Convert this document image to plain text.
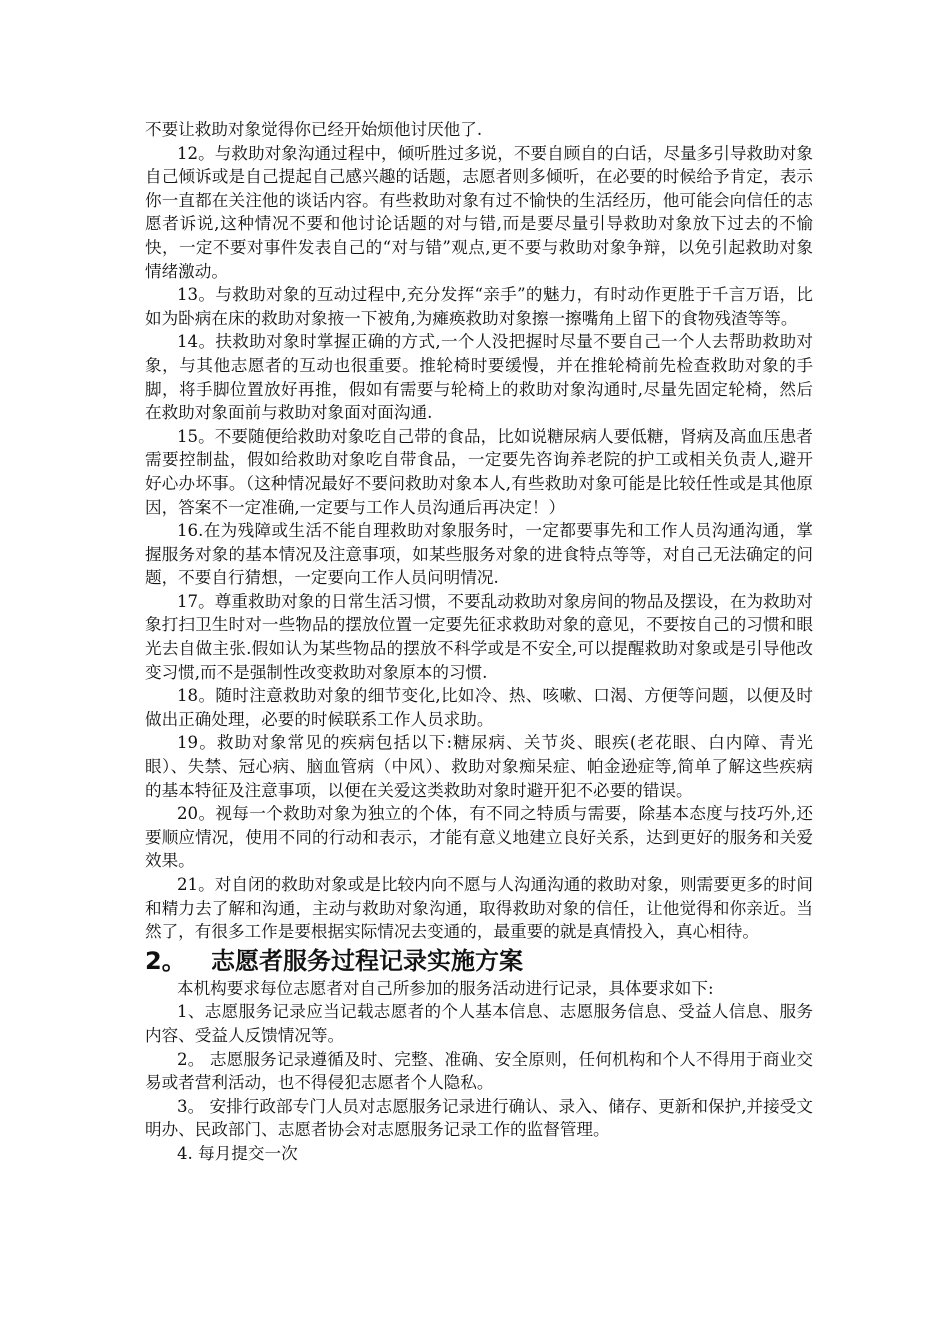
不要让救助对象觉得你已经开始烦他讨厌他了.

12。与救助对象沟通过程中，倾听胜过多说，不要自顾自的白话，尽量多引导救助对象自己倾诉或是自己提起自己感兴趣的话题，志愿者则多倾听，在必要的时候给予肯定，表示你一直都在关注他的谈话内容。有些救助对象有过不愉快的生活经历，他可能会向信任的志愿者诉说,这种情况不要和他讨论话题的对与错,而是要尽量引导救助对象放下过去的不愉快，一定不要对事件发表自己的“对与错”观点,更不要与救助对象争辩，以免引起救助对象情绪激动。

13。与救助对象的互动过程中,充分发挥“亲手”的魅力，有时动作更胜于千言万语，比如为卧病在床的救助对象掖一下被角,为瘫痪救助对象擦一擦嘴角上留下的食物残渣等等。

14。扶救助对象时掌握正确的方式,一个人没把握时尽量不要自己一个人去帮助救助对象，与其他志愿者的互动也很重要。推轮椅时要缓慢，并在推轮椅前先检查救助对象的手脚，将手脚位置放好再推，假如有需要与轮椅上的救助对象沟通时,尽量先固定轮椅，然后在救助对象面前与救助对象面对面沟通.

15。不要随便给救助对象吃自己带的食品，比如说糖尿病人要低糖，肾病及高血压患者需要控制盐，假如给救助对象吃自带食品，一定要先咨询养老院的护工或相关负责人,避开好心办坏事。（这种情况最好不要问救助对象本人,有些救助对象可能是比较任性或是其他原因，答案不一定准确,一定要与工作人员沟通后再决定！）

16.在为残障或生活不能自理救助对象服务时，一定都要事先和工作人员沟通沟通，掌握服务对象的基本情况及注意事项，如某些服务对象的进食特点等等，对自己无法确定的问题，不要自行猜想，一定要向工作人员问明情况.

17。尊重救助对象的日常生活习惯，不要乱动救助对象房间的物品及摆设，在为救助对象打扫卫生时对一些物品的摆放位置一定要先征求救助对象的意见，不要按自己的习惯和眼光去自做主张.假如认为某些物品的摆放不科学或是不安全,可以提醒救助对象或是引导他改变习惯,而不是强制性改变救助对象原本的习惯.

18。随时注意救助对象的细节变化,比如冷、热、咳嗽、口渴、方便等问题，以便及时做出正确处理，必要的时候联系工作人员求助。

19。救助对象常见的疾病包括以下:糖尿病、关节炎、眼疾(老花眼、白内障、青光眼）、失禁、冠心病、脑血管病（中风）、救助对象痴呆症、帕金逊症等,简单了解这些疾病的基本特征及注意事项，以便在关爱这类救助对象时避开犯不必要的错误。

20。视每一个救助对象为独立的个体，有不同之特质与需要，除基本态度与技巧外,还要顺应情况，使用不同的行动和表示，才能有意义地建立良好关系，达到更好的服务和关爱效果。

21。对自闭的救助对象或是比较内向不愿与人沟通沟通的救助对象，则需要更多的时间和精力去了解和沟通，主动与救助对象沟通，取得救助对象的信任，让他觉得和你亲近。当然了，有很多工作是要根据实际情况去变通的，最重要的就是真情投入，真心相待。

2。	志愿者服务过程记录实施方案

本机构要求每位志愿者对自己所参加的服务活动进行记录，具体要求如下:

1、志愿服务记录应当记载志愿者的个人基本信息、志愿服务信息、受益人信息、服务内容、受益人反馈情况等。

2。 志愿服务记录遵循及时、完整、准确、安全原则，任何机构和个人不得用于商业交易或者营利活动，也不得侵犯志愿者个人隐私。

3。 安排行政部专门人员对志愿服务记录进行确认、录入、储存、更新和保护,并接受文明办、民政部门、志愿者协会对志愿服务记录工作的监督管理。

4. 每月提交一次
